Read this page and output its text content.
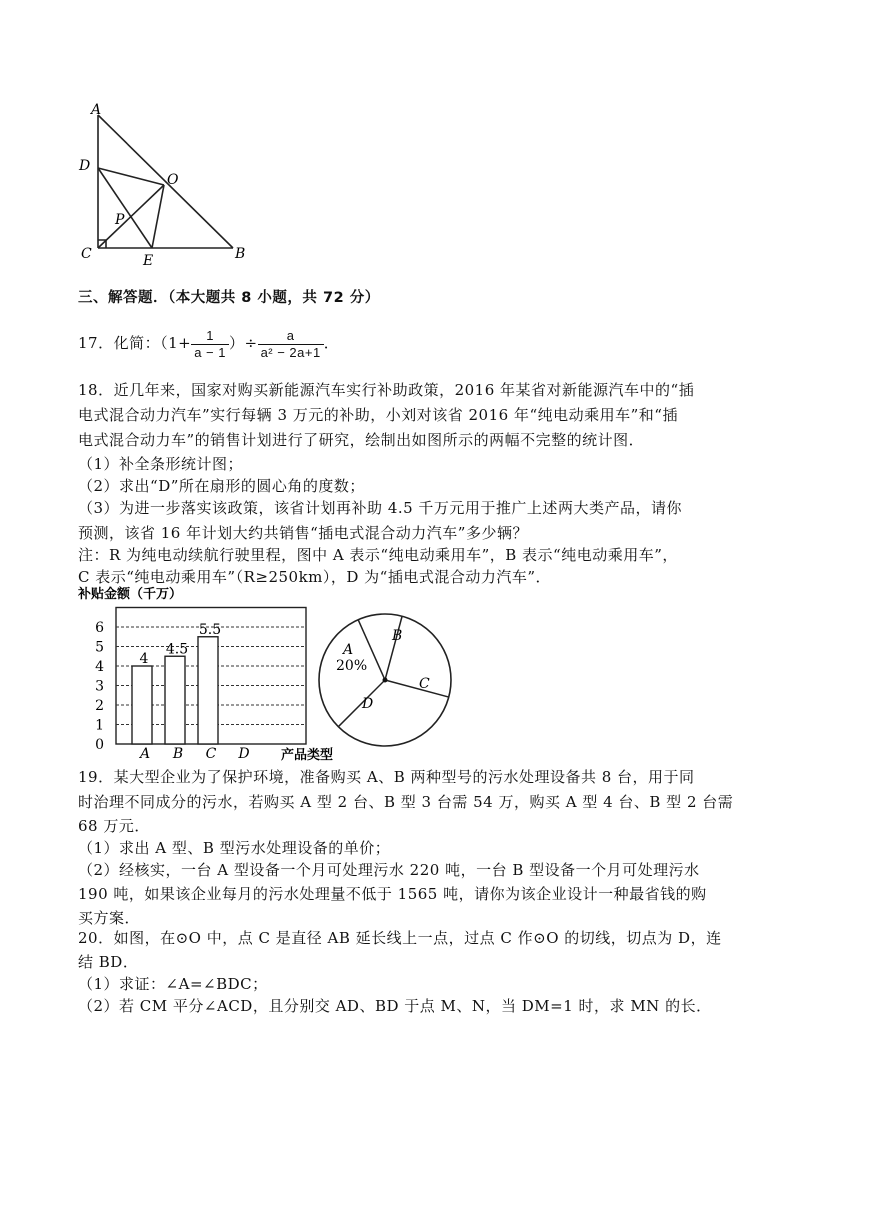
A
D
O
P
C	E	B
三、解答题．（本大题共 8 小题，共 72 分）
17．化简：（$1+ \frac{1}{a - 1}$ ）÷ $\frac{a}{\text{a² − 2a+1}}$ ．
18．近几年来，国家对购买新能源汽车实行补助政策，2016 年某省对新能源汽车中的“插
电式混合动力汽车”实行每辆 3 万元的补助，小刘对该省 2016 年“纯电动乘用车”和“插
电式混合动力车”的销售计划进行了研究，绘制出如图所示的两幅不完整的统计图．
（1）补全条形统计图；
（2）求出“D”所在扇形的圆心角的度数；
（3）为进一步落实该政策，该省计划再补助 4.5 千万元用于推广上述两大类产品，请你
预测，该省 16 年计划大约共销售“插电式混合动力汽车”多少辆？
注：R 为纯电动续航行驶里程，图中 A 表示“纯电动乘用车”，B 表示“纯电动乘用车”，
C 表示“纯电动乘用车”（R≥250km），D 为“插电式混合动力汽车”．
补贴金额（千万）
0
1
2
3
4
5
6
4
A
4.5
B
5.5
C D 产品类型
A
B
C
D
20%
19．某大型企业为了保护环境，准备购买 A、B 两种型号的污水处理设备共 8 台，用于同
时治理不同成分的污水，若购买 A 型 2 台、B 型 3 台需 54 万，购买 A 型 4 台、B 型 2 台需
68 万元．
（1）求出 A 型、B 型污水处理设备的单价；
（2）经核实，一台 A 型设备一个月可处理污水 220 吨，一台 B 型设备一个月可处理污水
190 吨，如果该企业每月的污水处理量不低于 1565 吨，请你为该企业设计一种最省钱的购
买方案．
20．如图，在⊙O 中，点 C 是直径 AB 延长线上一点，过点 C 作⊙O 的切线，切点为 D，连
结 BD．
（1）求证：∠A=∠BDC；
（2）若 CM 平分∠ACD，且分别交 AD、BD 于点 M、N，当 DM=1 时，求 MN 的长．
